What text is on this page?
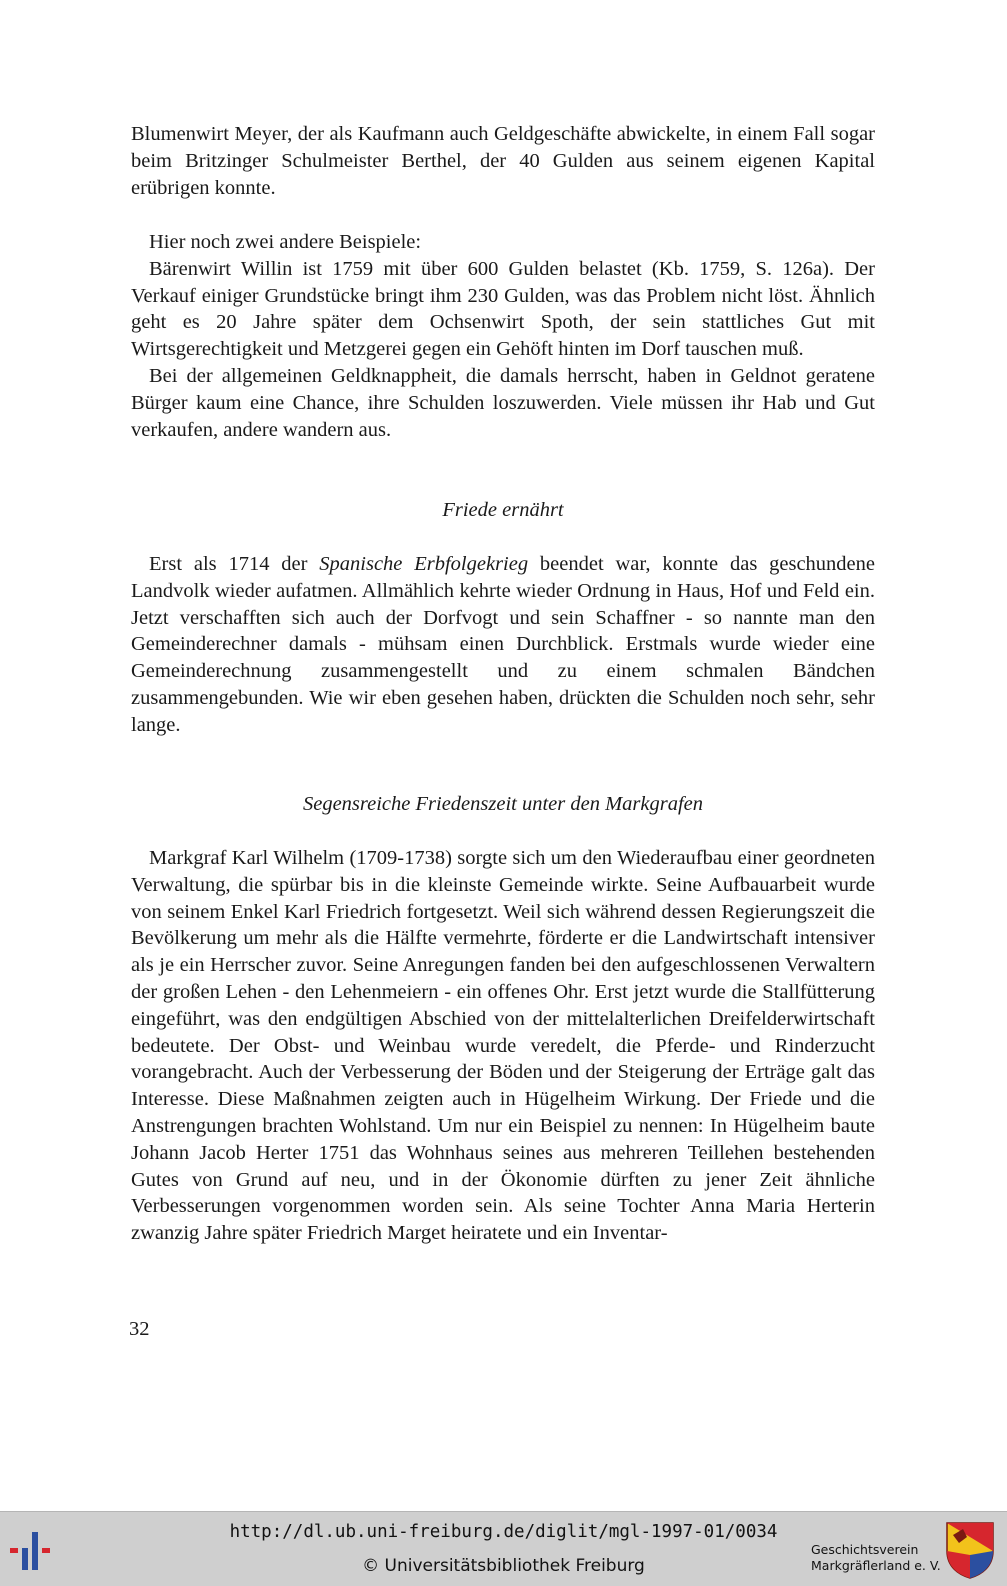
Blumenwirt Meyer, der als Kaufmann auch Geldgeschäfte abwickelte, in einem Fall sogar beim Britzinger Schulmeister Berthel, der 40 Gulden aus seinem eigenen Kapital erübrigen konnte.

Hier noch zwei andere Beispiele:

Bärenwirt Willin ist 1759 mit über 600 Gulden belastet (Kb. 1759, S. 126a). Der Verkauf einiger Grundstücke bringt ihm 230 Gulden, was das Problem nicht löst. Ähnlich geht es 20 Jahre später dem Ochsenwirt Spoth, der sein stattliches Gut mit Wirtsgerechtigkeit und Metzgerei gegen ein Gehöft hinten im Dorf tauschen muß.

Bei der allgemeinen Geldknappheit, die damals herrscht, haben in Geldnot geratene Bürger kaum eine Chance, ihre Schulden loszuwerden. Viele müssen ihr Hab und Gut verkaufen, andere wandern aus.

Friede ernährt

Erst als 1714 der Spanische Erbfolgekrieg beendet war, konnte das geschundene Landvolk wieder aufatmen. Allmählich kehrte wieder Ordnung in Haus, Hof und Feld ein. Jetzt verschafften sich auch der Dorfvogt und sein Schaffner - so nannte man den Gemeinderechner damals - mühsam einen Durchblick. Erstmals wurde wieder eine Gemeinderechnung zusammengestellt und zu einem schmalen Bändchen zusammengebunden. Wie wir eben gesehen haben, drückten die Schulden noch sehr, sehr lange.

Segensreiche Friedenszeit unter den Markgrafen

Markgraf Karl Wilhelm (1709-1738) sorgte sich um den Wiederaufbau einer geordneten Verwaltung, die spürbar bis in die kleinste Gemeinde wirkte. Seine Aufbauarbeit wurde von seinem Enkel Karl Friedrich fortgesetzt. Weil sich während dessen Regierungszeit die Bevölkerung um mehr als die Hälfte vermehrte, förderte er die Landwirtschaft intensiver als je ein Herrscher zuvor. Seine Anregungen fanden bei den aufgeschlossenen Verwaltern der großen Lehen - den Lehenmeiern - ein offenes Ohr. Erst jetzt wurde die Stallfütterung eingeführt, was den endgültigen Abschied von der mittelalterlichen Dreifelderwirtschaft bedeutete. Der Obst- und Weinbau wurde veredelt, die Pferde- und Rinderzucht vorangebracht. Auch der Verbesserung der Böden und der Steigerung der Erträge galt das Interesse. Diese Maßnahmen zeigten auch in Hügelheim Wirkung. Der Friede und die Anstrengungen brachten Wohlstand. Um nur ein Beispiel zu nennen: In Hügelheim baute Johann Jacob Herter 1751 das Wohnhaus seines aus mehreren Teillehen bestehenden Gutes von Grund auf neu, und in der Ökonomie dürften zu jener Zeit ähnliche Verbesserungen vorgenommen worden sein. Als seine Tochter Anna Maria Herterin zwanzig Jahre später Friedrich Marget heiratete und ein Inventar-

32
http://dl.ub.uni-freiburg.de/diglit/mgl-1997-01/0034
© Universitätsbibliothek Freiburg
Geschichtsverein
Markgräflerland e. V.
